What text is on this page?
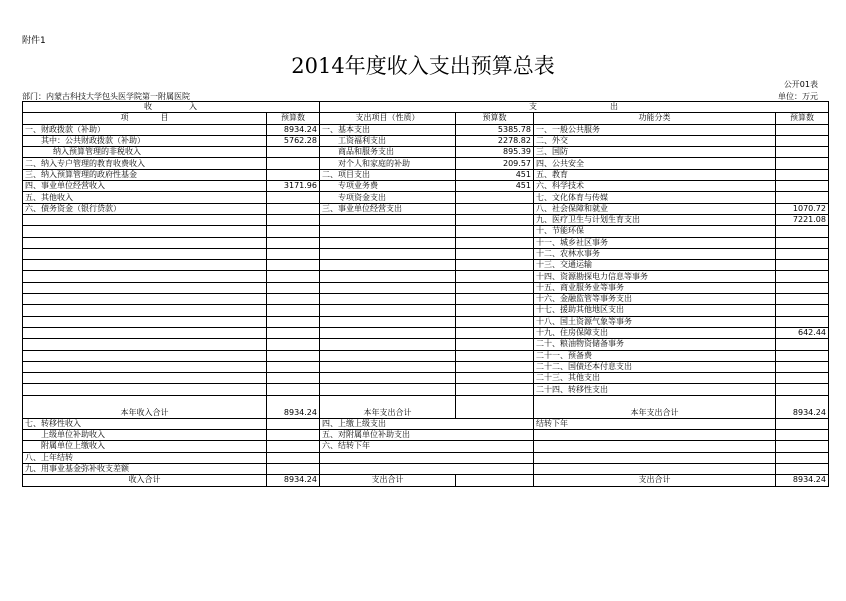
附件1
2014年度收入支出预算总表
公开01表
部门：内蒙古科技大学包头医学院第一附属医院	单位：万元
收　　　　入		支　　　　　　　　出			
项　　　　目	预算数	支出项目（性质）	预算数	功能分类	预算数
一、财政拨款（补助）	8934.24	一、基本支出	5385.78	一、一般公共服务	
其中：公共财政拨款（补助）	5762.28	工资福利支出	2278.82	二、外交	
纳入预算管理的非税收入		商品和服务支出	895.39	三、国防	
二、纳入专户管理的教育收费收入		对个人和家庭的补助	209.57	四、公共安全	
三、纳入预算管理的政府性基金		二、项目支出	451	五、教育	
四、事业单位经营收入	3171.96	专项业务费	451	六、科学技术	
五、其他收入		专项资金支出		七、文化体育与传媒	
六、债务资金（银行贷款）		三、事业单位经营支出		八、社会保障和就业	1070.72
				九、医疗卫生与计划生育支出	7221.08
				十、节能环保	
				十一、城乡社区事务	
				十二、农林水事务	
				十三、交通运输	
				十四、资源勘探电力信息等事务	
				十五、商业服务业等事务	
				十六、金融监管等事务支出	
				十七、援助其他地区支出	
				十八、国土资源气象等事务	
				十九、住房保障支出	642.44
				二十、粮油物资储备事务	
				二十一、预备费	
				二十二、国债还本付息支出	
				二十三、其他支出	
				二十四、转移性支出	
本年收入合计	8934.24	本年支出合计		本年支出合计	8934.24
七、转移性收入		四、上缴上级支出		结转下年	
上级单位补助收入		五、对附属单位补助支出			
附属单位上缴收入		六、结转下年			
八、上年结转					
九、用事业基金弥补收支差额					
收入合计	8934.24	支出合计		支出合计	8934.24
